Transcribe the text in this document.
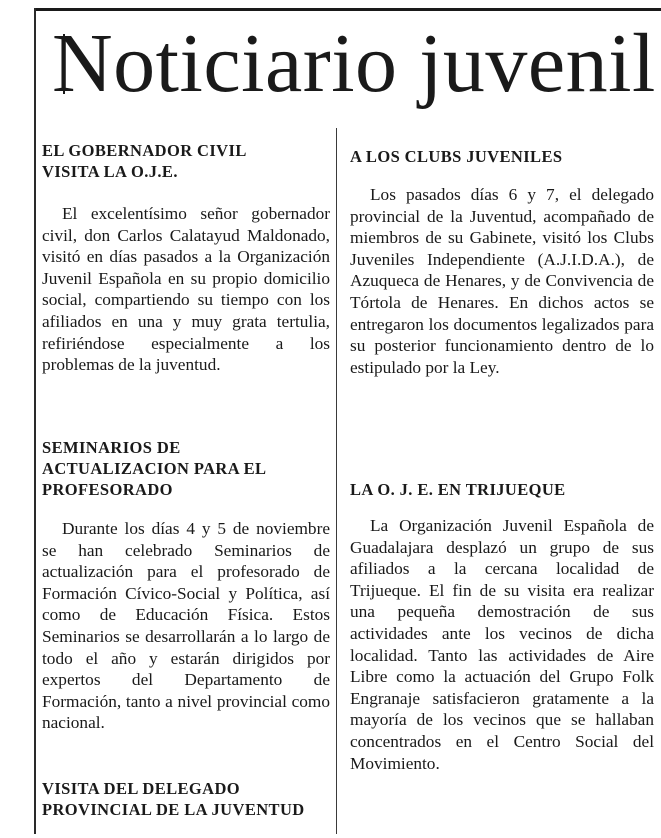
Noticiario juvenil
EL GOBERNADOR CIVIL
VISITA LA O.J.E.

El excelentísimo señor gobernador civil, don Carlos Calatayud Maldonado, visitó en días pasados a la Organización Juvenil Española en su propio domicilio social, compartiendo su tiempo con los afiliados en una y muy grata tertulia, refiriéndose especialmente a los problemas de la juventud.

SEMINARIOS DE
ACTUALIZACION PARA EL
PROFESORADO

Durante los días 4 y 5 de noviembre se han celebrado Seminarios de actualización para el profesorado de Formación Cívico-Social y Política, así como de Educación Física. Estos Seminarios se desarrollarán a lo largo de todo el año y estarán dirigidos por expertos del Departamento de Formación, tanto a nivel provincial como nacional.

VISITA DEL DELEGADO
PROVINCIAL DE LA JUVENTUD
A LOS CLUBS JUVENILES

Los pasados días 6 y 7, el delegado provincial de la Juventud, acompañado de miembros de su Gabinete, visitó los Clubs Juveniles Independiente (A.J.I.D.A.), de Azuqueca de Henares, y de Convivencia de Tórtola de Henares. En dichos actos se entregaron los documentos legalizados para su posterior funcionamiento dentro de lo estipulado por la Ley.

LA O. J. E. EN TRIJUEQUE

La Organización Juvenil Española de Guadalajara desplazó un grupo de sus afiliados a la cercana localidad de Trijueque. El fin de su visita era realizar una pequeña demostración de sus actividades ante los vecinos de dicha localidad. Tanto las actividades de Aire Libre como la actuación del Grupo Folk Engranaje satisfacieron gratamente a la mayoría de los vecinos que se hallaban concentrados en el Centro Social del Movimiento.
